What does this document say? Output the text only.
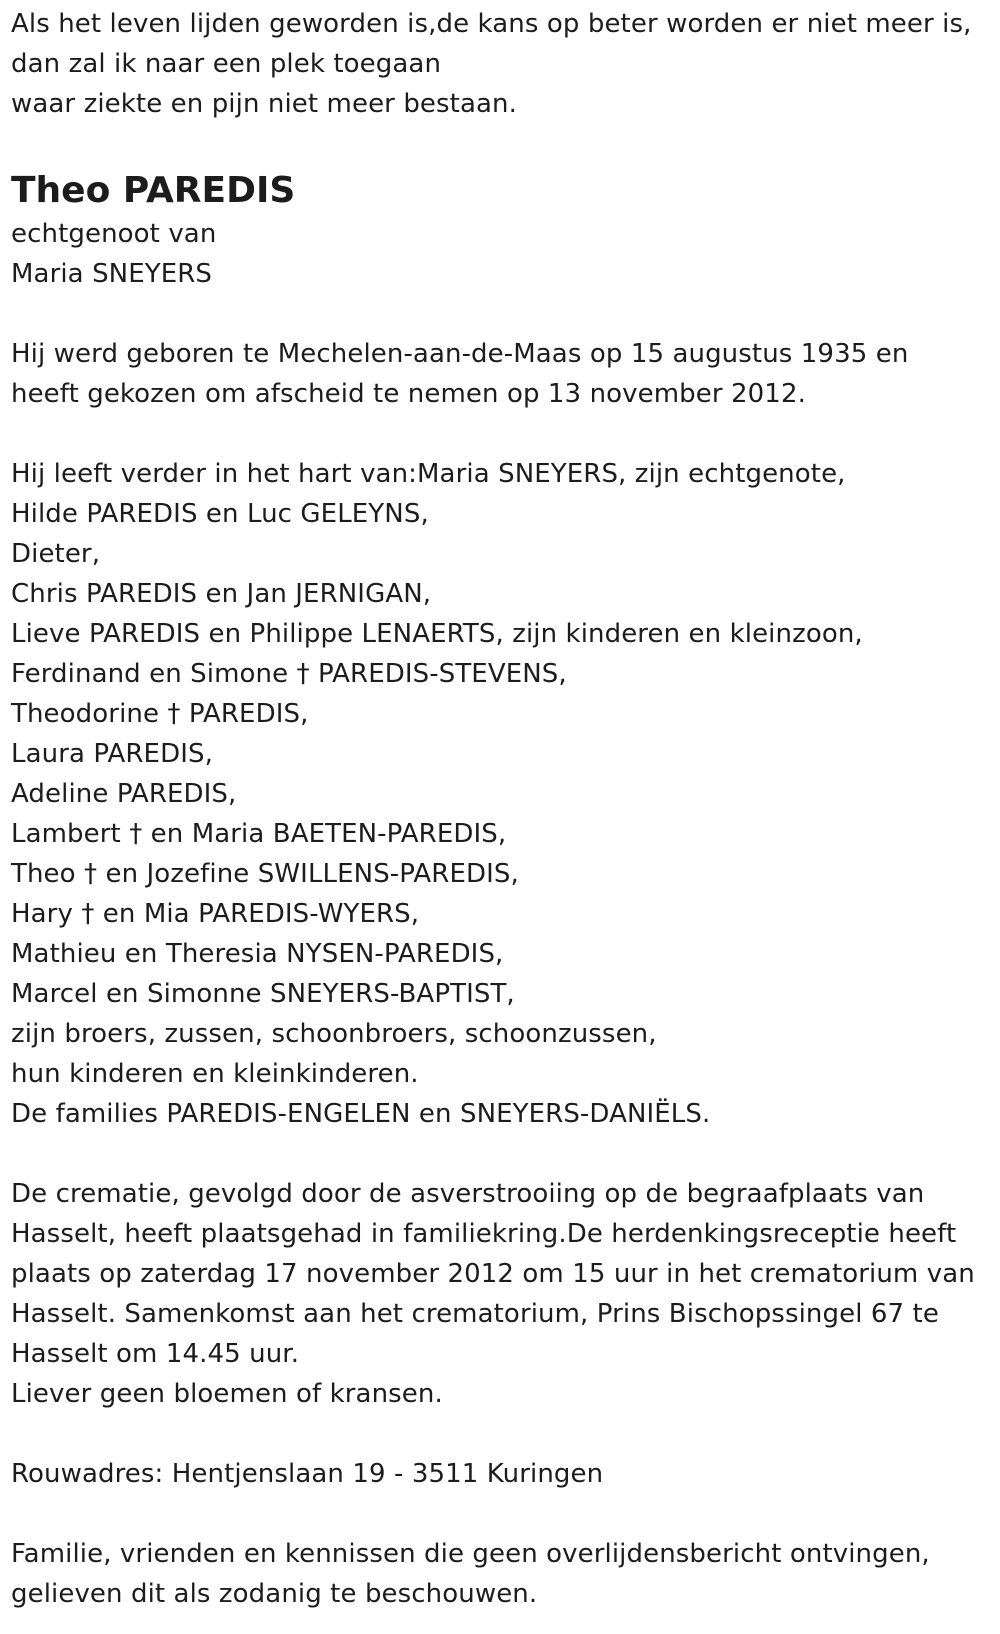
Als het leven lijden geworden is,de kans op beter worden er niet meer is,
dan zal ik naar een plek toegaan
waar ziekte en pijn niet meer bestaan.
Theo PAREDIS
echtgenoot van
Maria SNEYERS
Hij werd geboren te Mechelen-aan-de-Maas op 15 augustus 1935 en
heeft gekozen om afscheid te nemen op 13 november 2012.
Hij leeft verder in het hart van:Maria SNEYERS, zijn echtgenote,
Hilde PAREDIS en Luc GELEYNS,
Dieter,
Chris PAREDIS en Jan JERNIGAN,
Lieve PAREDIS en Philippe LENAERTS, zijn kinderen en kleinzoon,
Ferdinand en Simone † PAREDIS-STEVENS,
Theodorine † PAREDIS,
Laura PAREDIS,
Adeline PAREDIS,
Lambert † en Maria BAETEN-PAREDIS,
Theo † en Jozefine SWILLENS-PAREDIS,
Hary † en Mia PAREDIS-WYERS,
Mathieu en Theresia NYSEN-PAREDIS,
Marcel en Simonne SNEYERS-BAPTIST,
zijn broers, zussen, schoonbroers, schoonzussen,
hun kinderen en kleinkinderen.
De families PAREDIS-ENGELEN en SNEYERS-DANIËLS.
De crematie, gevolgd door de asverstrooiing op de begraafplaats van
Hasselt, heeft plaatsgehad in familiekring.De herdenkingsreceptie heeft
plaats op zaterdag 17 november 2012 om 15 uur in het crematorium van
Hasselt. Samenkomst aan het crematorium, Prins Bischopssingel 67 te
Hasselt om 14.45 uur.
Liever geen bloemen of kransen.
Rouwadres: Hentjenslaan 19 - 3511 Kuringen
Familie, vrienden en kennissen die geen overlijdensbericht ontvingen,
gelieven dit als zodanig te beschouwen.
